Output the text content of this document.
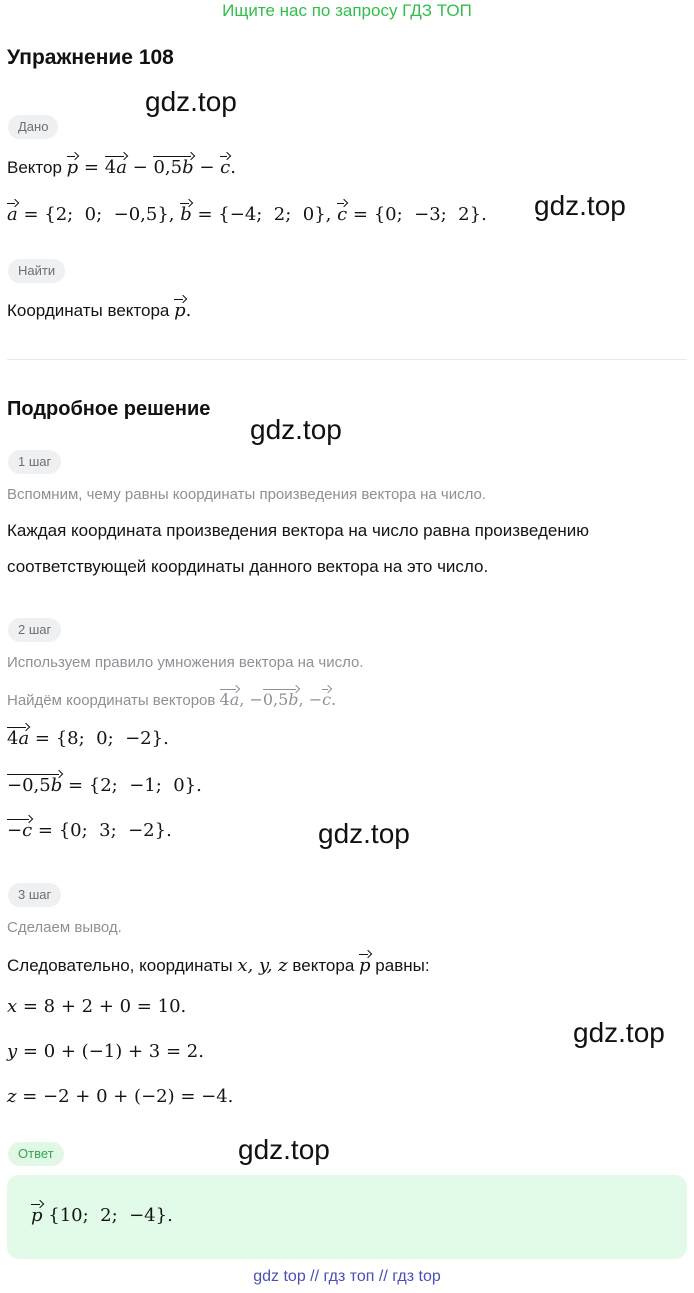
Ищите нас по запросу ГДЗ ТОП
Упражнение 108
gdz.top
Дано
Вектор p = 4a − 0,5b − c.
a = {2;  0;  −0,5}, b = {−4;  2;  0}, c = {0;  −3;  2}. gdz.top
Найти
Координаты вектора p.
Подробное решение
gdz.top
1 шаг
Вспомним, чему равны координаты произведения вектора на число.
Каждая координата произведения вектора на число равна произведению
соответствующей координаты данного вектора на это число.
2 шаг
Используем правило умножения вектора на число.
Найдём координаты векторов 4a, −0,5b, −c.
4a = {8;  0;  −2}.
−0,5b = {2;  −1;  0}.
−c = {0;  3;  −2}.	gdz.top
3 шаг
Сделаем вывод.
Следовательно, координаты x, y, z вектора p равны:
x = 8 + 2 + 0 = 10.
y = 0 + (−1) + 3 = 2.
z = −2 + 0 + (−2) = −4.
gdz.top
Ответ	gdz.top
p {10;  2;  −4}.
gdz top // гдз топ // гдз top
